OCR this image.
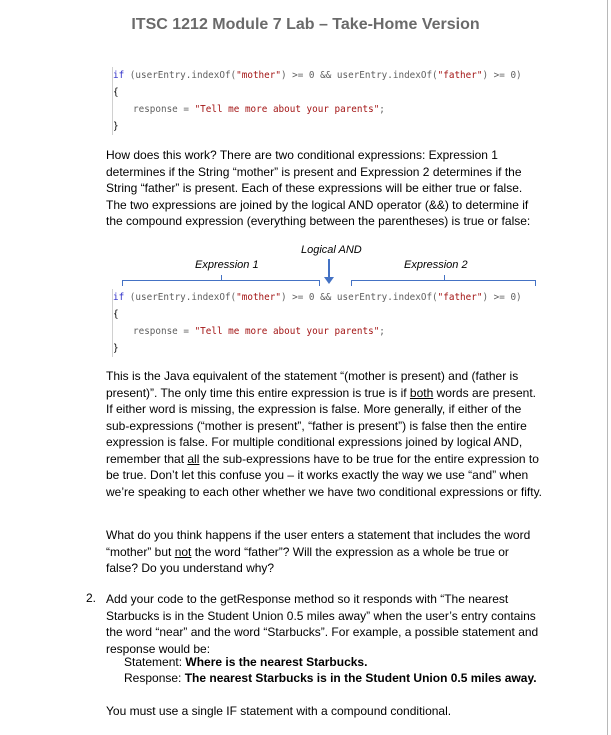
ITSC 1212 Module 7 Lab – Take-Home Version
if (userEntry.indexOf("mother") >= 0 && userEntry.indexOf("father") >= 0)
{
response = "Tell me more about your parents";
}

How does this work? There are two conditional expressions: Expression 1 determines if the String “mother” is present and Expression 2 determines if the String “father” is present. Each of these expressions will be either true or false. The two expressions are joined by the logical AND operator (&&) to determine if the compound expression (everything between the parentheses) is true or false:

Logical AND
Expression 1	Expression 2
if (userEntry.indexOf("mother") >= 0 && userEntry.indexOf("father") >= 0)
{
response = "Tell me more about your parents";
}

This is the Java equivalent of the statement “(mother is present) and (father is present)”. The only time this entire expression is true is if both words are present. If either word is missing, the expression is false. More generally, if either of the sub-expressions (“mother is present”, “father is present”) is false then the entire expression is false. For multiple conditional expressions joined by logical AND, remember that all the sub-expressions have to be true for the entire expression to be true. Don’t let this confuse you – it works exactly the way we use “and” when we’re speaking to each other whether we have two conditional expressions or fifty.

What do you think happens if the user enters a statement that includes the word “mother” but not the word “father”? Will the expression as a whole be true or false? Do you understand why?

2. Add your code to the getResponse method so it responds with “The nearest Starbucks is in the Student Union 0.5 miles away” when the user’s entry contains the word “near” and the word “Starbucks”. For example, a possible statement and response would be:

Statement: Where is the nearest Starbucks.
Response: The nearest Starbucks is in the Student Union 0.5 miles away.

You must use a single IF statement with a compound conditional.
